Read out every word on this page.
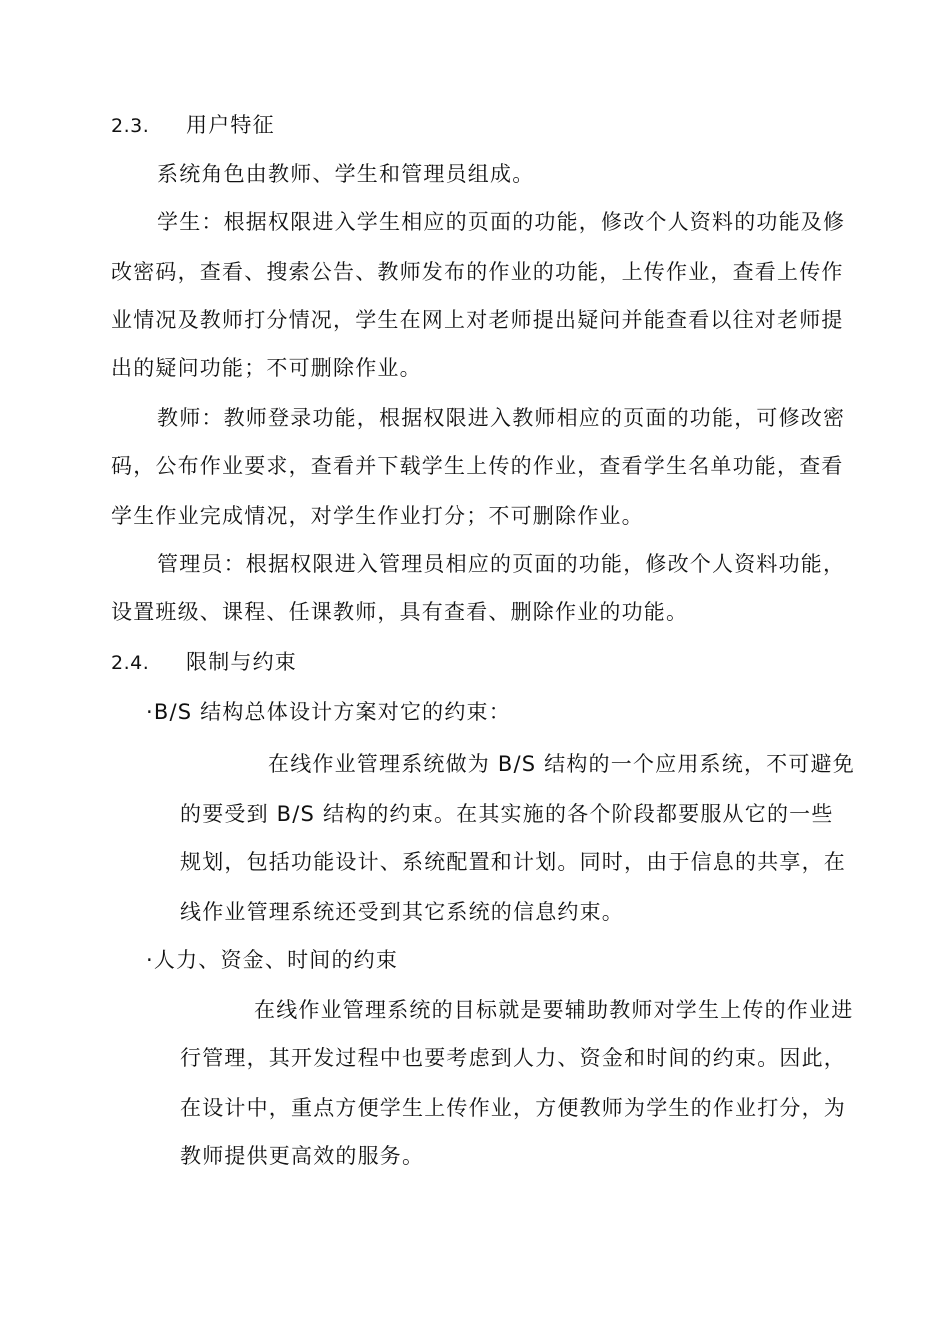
2.3. 用户特征
系统角色由教师、学生和管理员组成。
学生：根据权限进入学生相应的页面的功能，修改个人资料的功能及修
改密码，查看、搜索公告、教师发布的作业的功能，上传作业，查看上传作
业情况及教师打分情况，学生在网上对老师提出疑问并能查看以往对老师提
出的疑问功能；不可删除作业。
教师：教师登录功能，根据权限进入教师相应的页面的功能，可修改密
码，公布作业要求，查看并下载学生上传的作业，查看学生名单功能，查看
学生作业完成情况，对学生作业打分；不可删除作业。
管理员：根据权限进入管理员相应的页面的功能，修改个人资料功能，
设置班级、课程、任课教师，具有查看、删除作业的功能。
2.4. 限制与约束
·B/S 结构总体设计方案对它的约束：
在线作业管理系统做为 B/S 结构的一个应用系统，不可避免
的要受到 B/S 结构的约束。在其实施的各个阶段都要服从它的一些
规划，包括功能设计、系统配置和计划。同时，由于信息的共享，在
线作业管理系统还受到其它系统的信息约束。
·人力、资金、时间的约束
在线作业管理系统的目标就是要辅助教师对学生上传的作业进
行管理，其开发过程中也要考虑到人力、资金和时间的约束。因此，
在设计中，重点方便学生上传作业，方便教师为学生的作业打分，为
教师提供更高效的服务。
